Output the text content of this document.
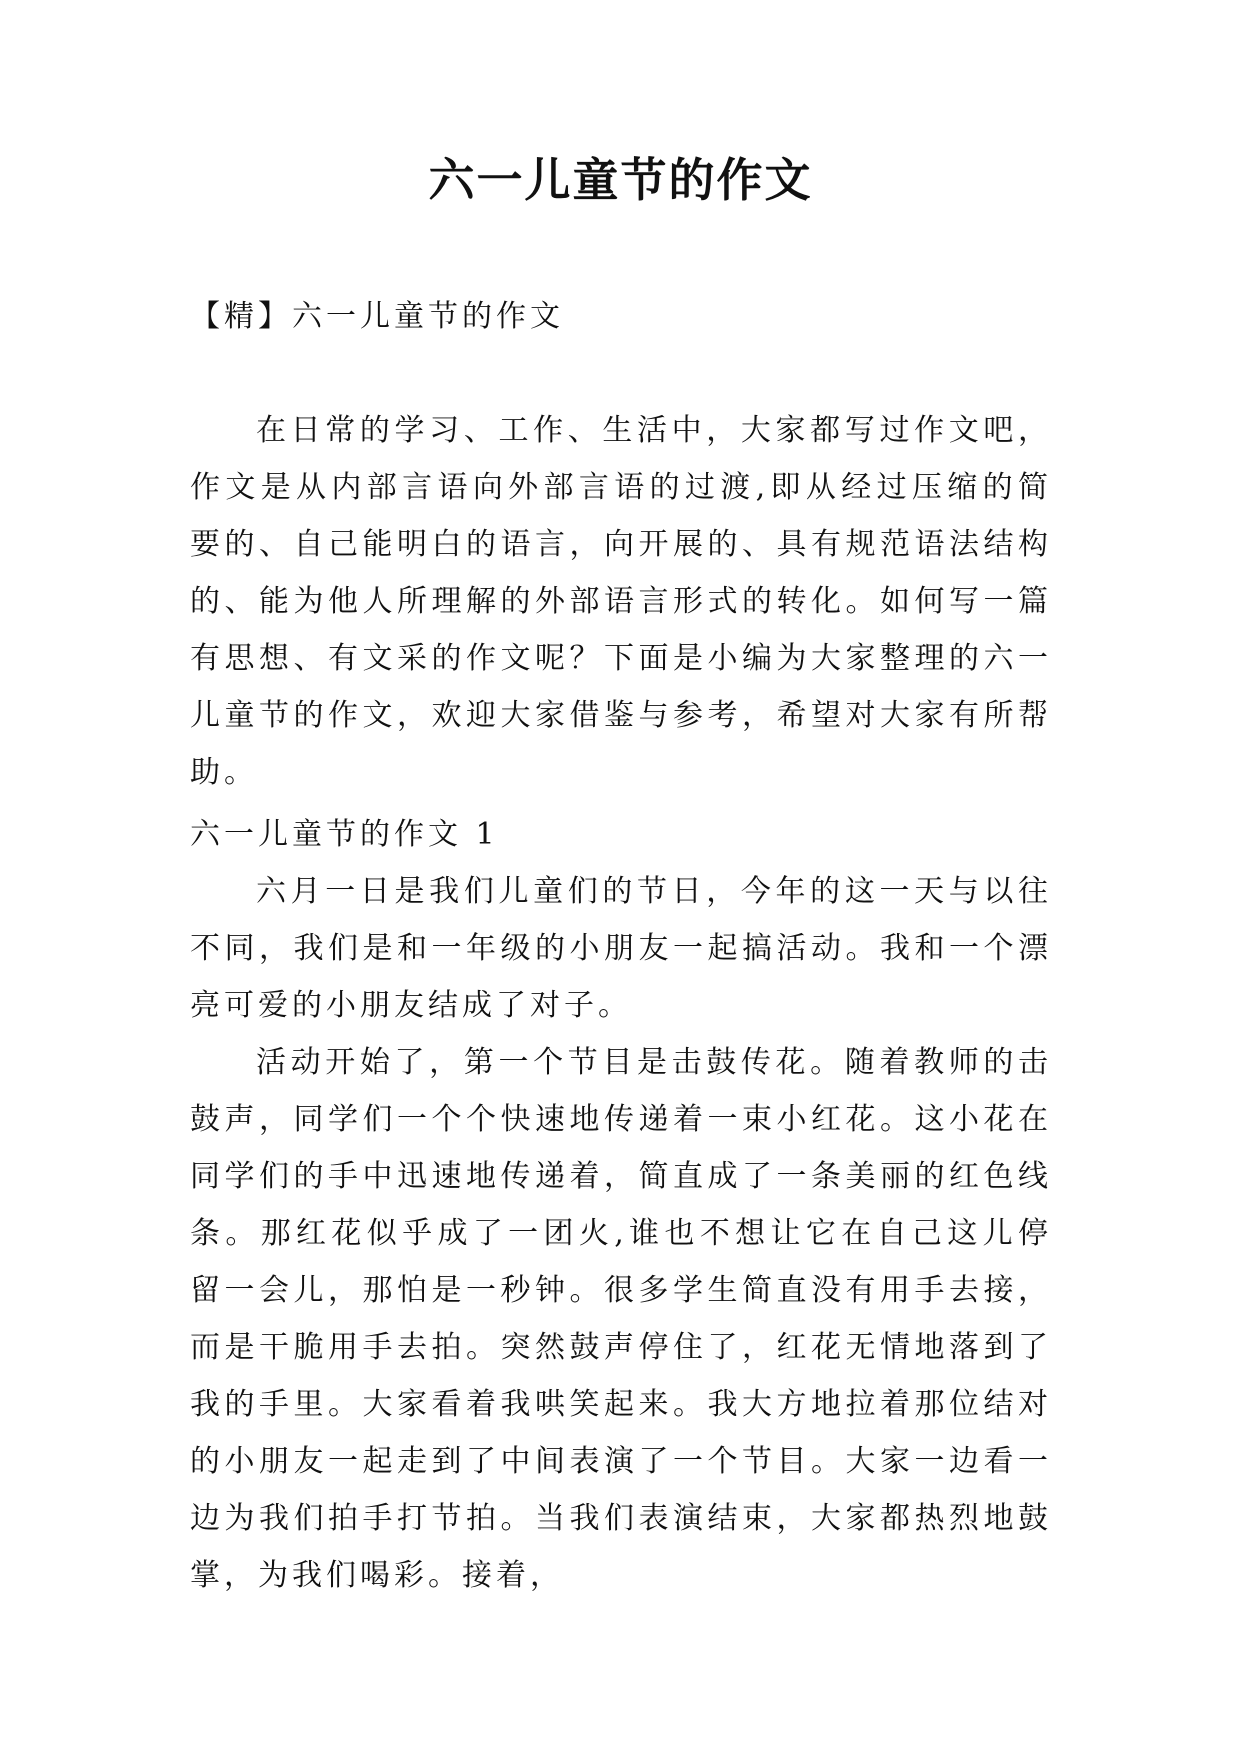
六一儿童节的作文
【精】六一儿童节的作文
在日常的学习、工作、生活中，大家都写过作文吧，作文是从内部言语向外部言语的过渡,即从经过压缩的简要的、自己能明白的语言，向开展的、具有规范语法结构的、能为他人所理解的外部语言形式的转化。如何写一篇有思想、有文采的作文呢？下面是小编为大家整理的六一儿童节的作文，欢迎大家借鉴与参考，希望对大家有所帮助。
六一儿童节的作文 1
六月一日是我们儿童们的节日，今年的这一天与以往不同，我们是和一年级的小朋友一起搞活动。我和一个漂亮可爱的小朋友结成了对子。
活动开始了，第一个节目是击鼓传花。随着教师的击鼓声，同学们一个个快速地传递着一束小红花。这小花在同学们的手中迅速地传递着，简直成了一条美丽的红色线条。那红花似乎成了一团火,谁也不想让它在自己这儿停留一会儿，那怕是一秒钟。很多学生简直没有用手去接，而是干脆用手去拍。突然鼓声停住了，红花无情地落到了我的手里。大家看着我哄笑起来。我大方地拉着那位结对的小朋友一起走到了中间表演了一个节目。大家一边看一边为我们拍手打节拍。当我们表演结束，大家都热烈地鼓掌，为我们喝彩。接着，
